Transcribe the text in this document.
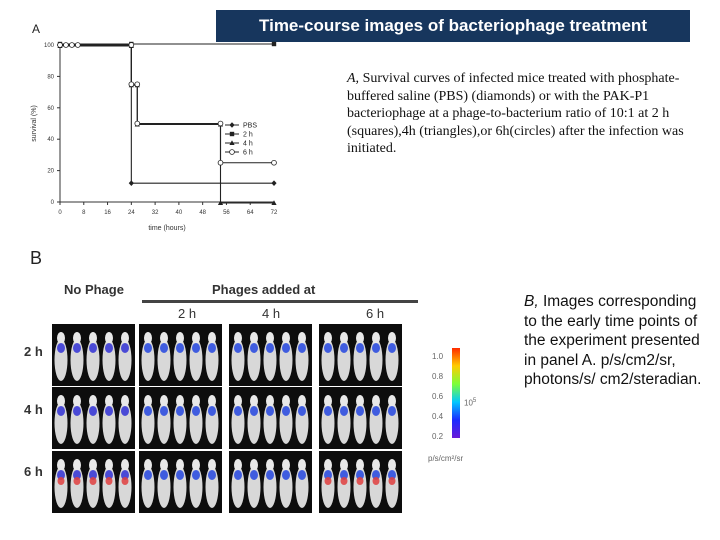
Time-course images of bacteriophage treatment
A
0
20
40
60
80
100
0	8	16	24	32	40	48	56	64	72
time (hours)
survival (%)	PBS
2 h
4 h
6 h
A, Survival curves of infected mice treated with phosphate-buffered saline (PBS) (diamonds) or with the PAK-P1 bacteriophage at a phage-to-bacterium ratio of 10:1 at 2 h (squares),4h (triangles),or 6h(circles) after the infection was initiated.
B
No Phage	Phages added at
2 h	4 h	6 h
2 h
4 h
6 h
1.0
0.8
0.6
0.4
0.2
$10^5$
p/s/cm²/sr
B, Images corresponding to the early time points of the experiment presented in panel A. p/s/cm2/sr, photons/s/ cm2/steradian.
